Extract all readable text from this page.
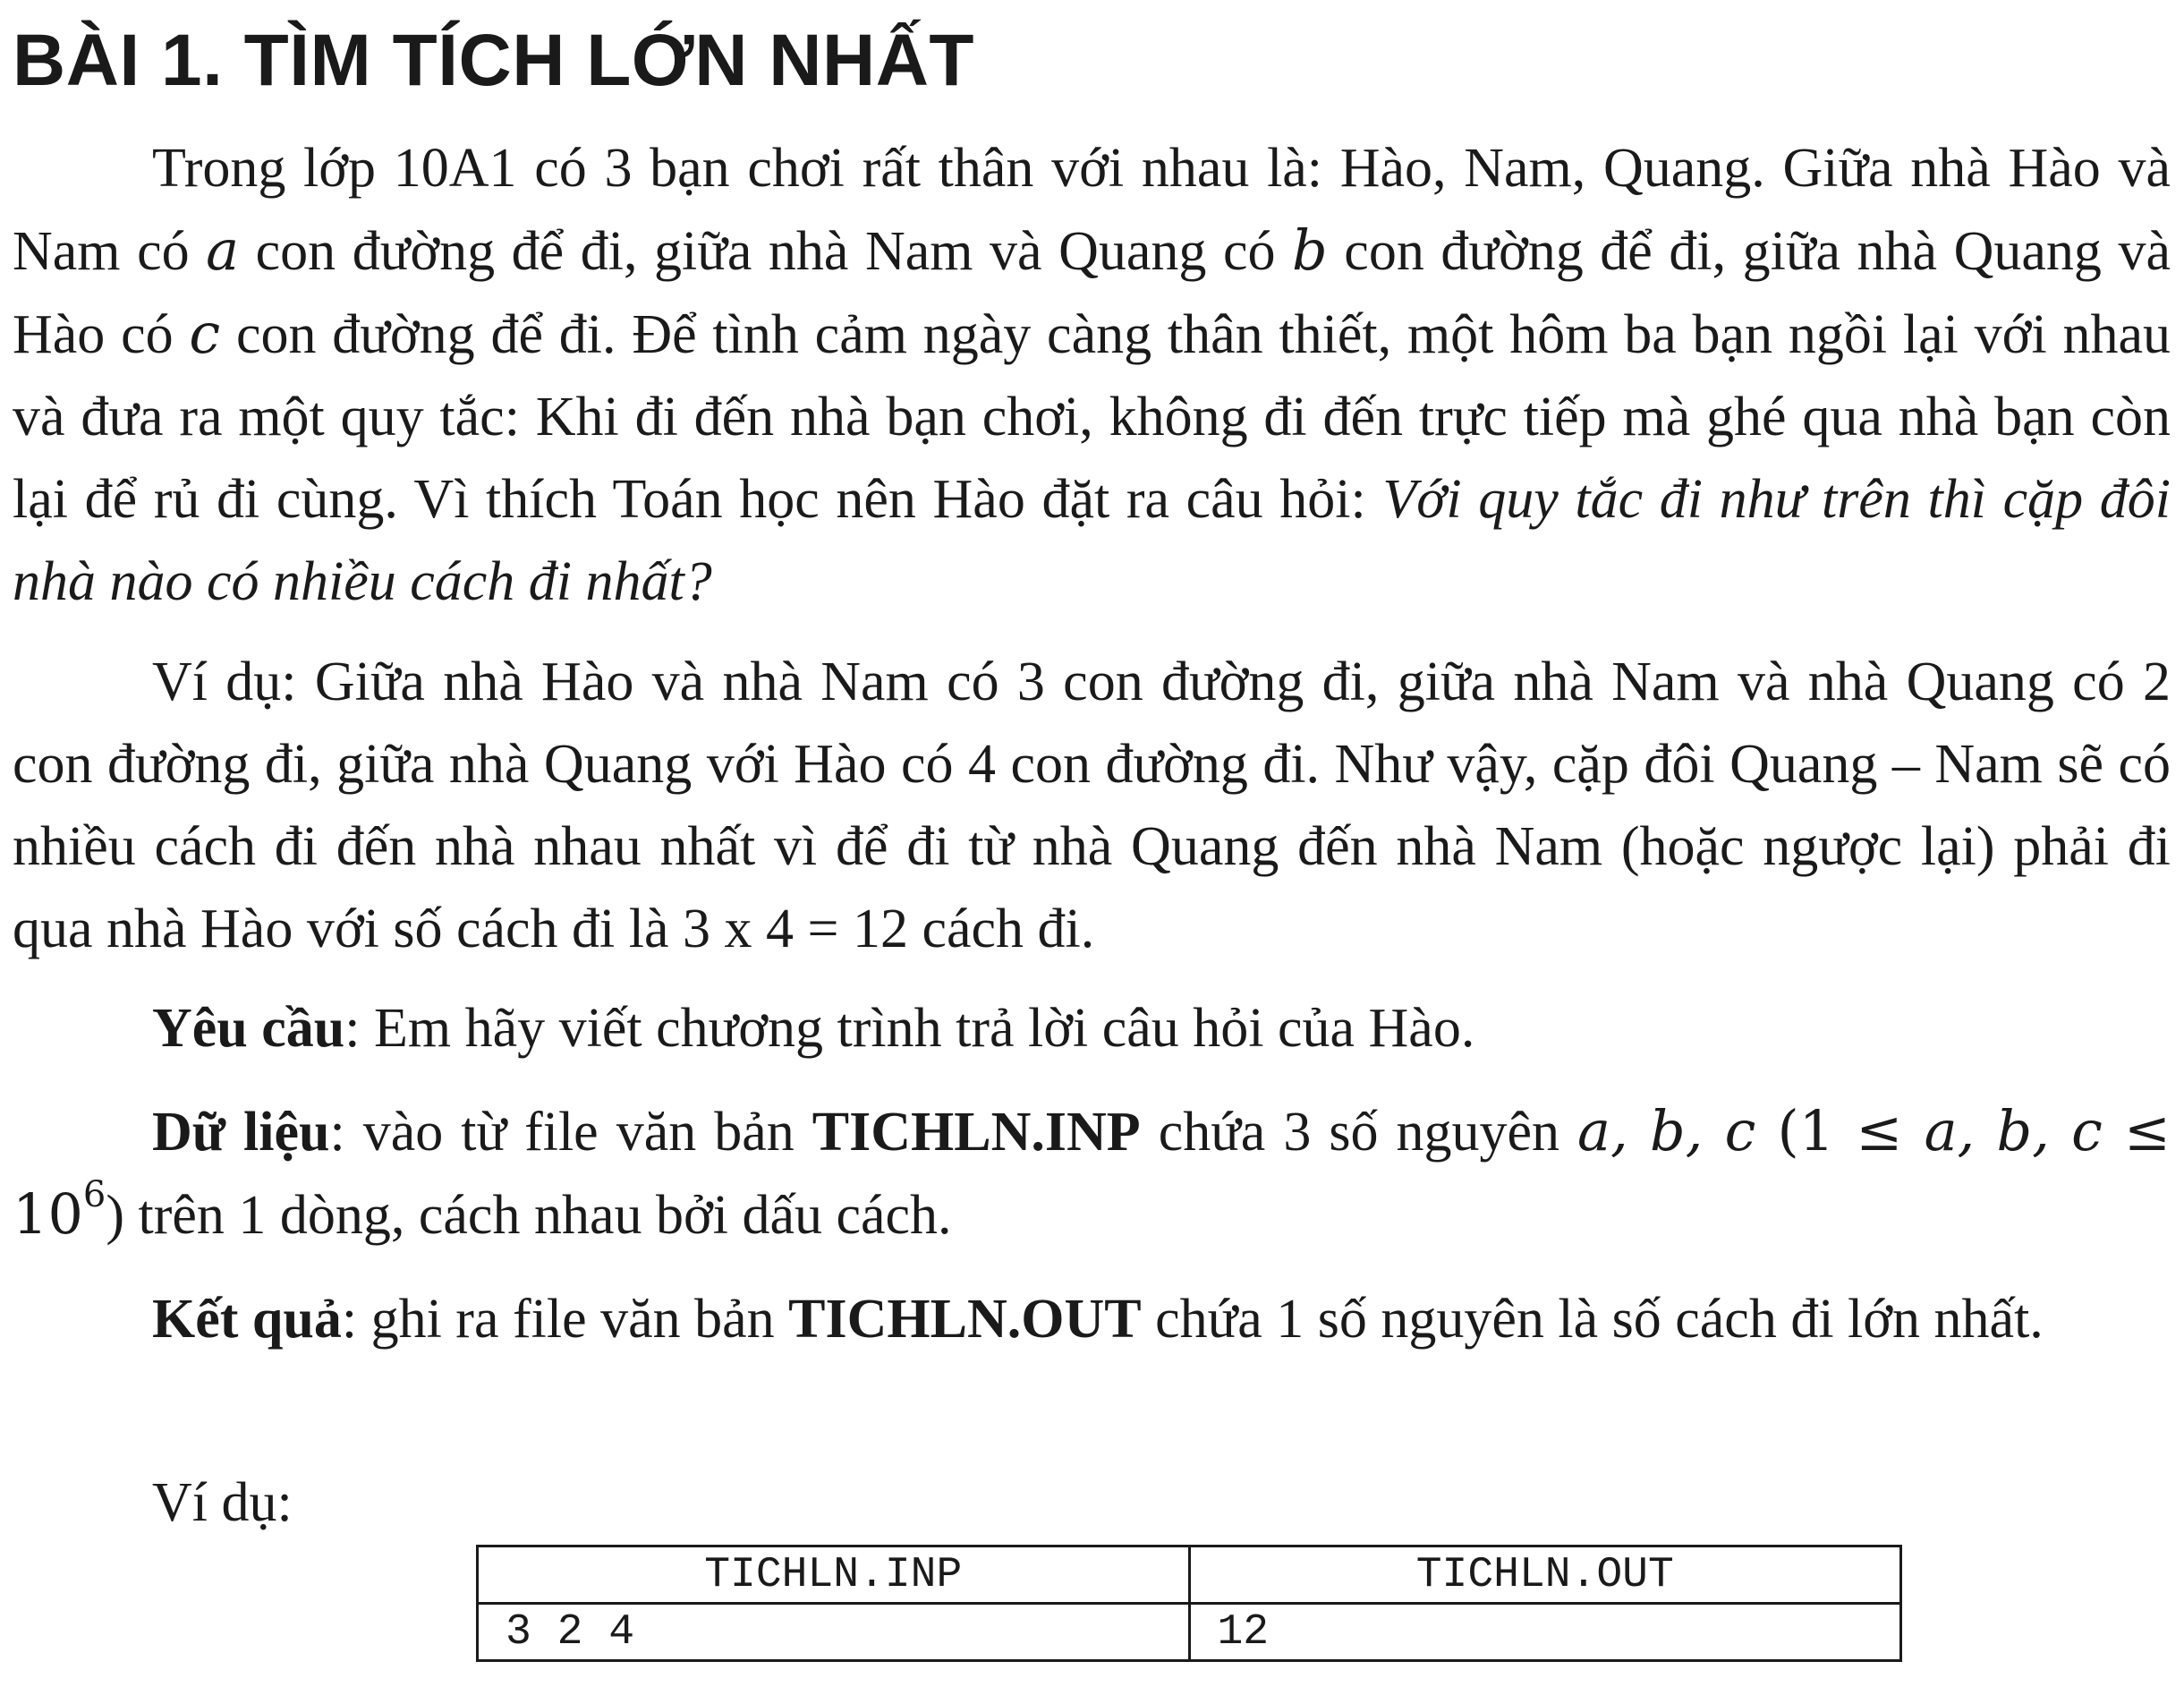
BÀI 1. TÌM TÍCH LỚN NHẤT

Trong lớp 10A1 có 3 bạn chơi rất thân với nhau là: Hào, Nam, Quang. Giữa nhà Hào và Nam có a con đường để đi, giữa nhà Nam và Quang có b con đường để đi, giữa nhà Quang và Hào có c con đường để đi. Để tình cảm ngày càng thân thiết, một hôm ba bạn ngồi lại với nhau và đưa ra một quy tắc: Khi đi đến nhà bạn chơi, không đi đến trực tiếp mà ghé qua nhà bạn còn lại để rủ đi cùng. Vì thích Toán học nên Hào đặt ra câu hỏi: Với quy tắc đi như trên thì cặp đôi nhà nào có nhiều cách đi nhất?

Ví dụ: Giữa nhà Hào và nhà Nam có 3 con đường đi, giữa nhà Nam và nhà Quang có 2 con đường đi, giữa nhà Quang với Hào có 4 con đường đi. Như vậy, cặp đôi Quang – Nam sẽ có nhiều cách đi đến nhà nhau nhất vì để đi từ nhà Quang đến nhà Nam (hoặc ngược lại) phải đi qua nhà Hào với số cách đi là 3 x 4 = 12 cách đi.

Yêu cầu: Em hãy viết chương trình trả lời câu hỏi của Hào.

Dữ liệu: vào từ file văn bản TICHLN.INP chứa 3 số nguyên a, b, c (1 ≤ a, b, $c \le 10^6$) trên 1 dòng, cách nhau bởi dấu cách.

Kết quả: ghi ra file văn bản TICHLN.OUT chứa 1 số nguyên là số cách đi lớn nhất.

Ví dụ:

TICHLN.INP	TICHLN.OUT
3 2 4	12
